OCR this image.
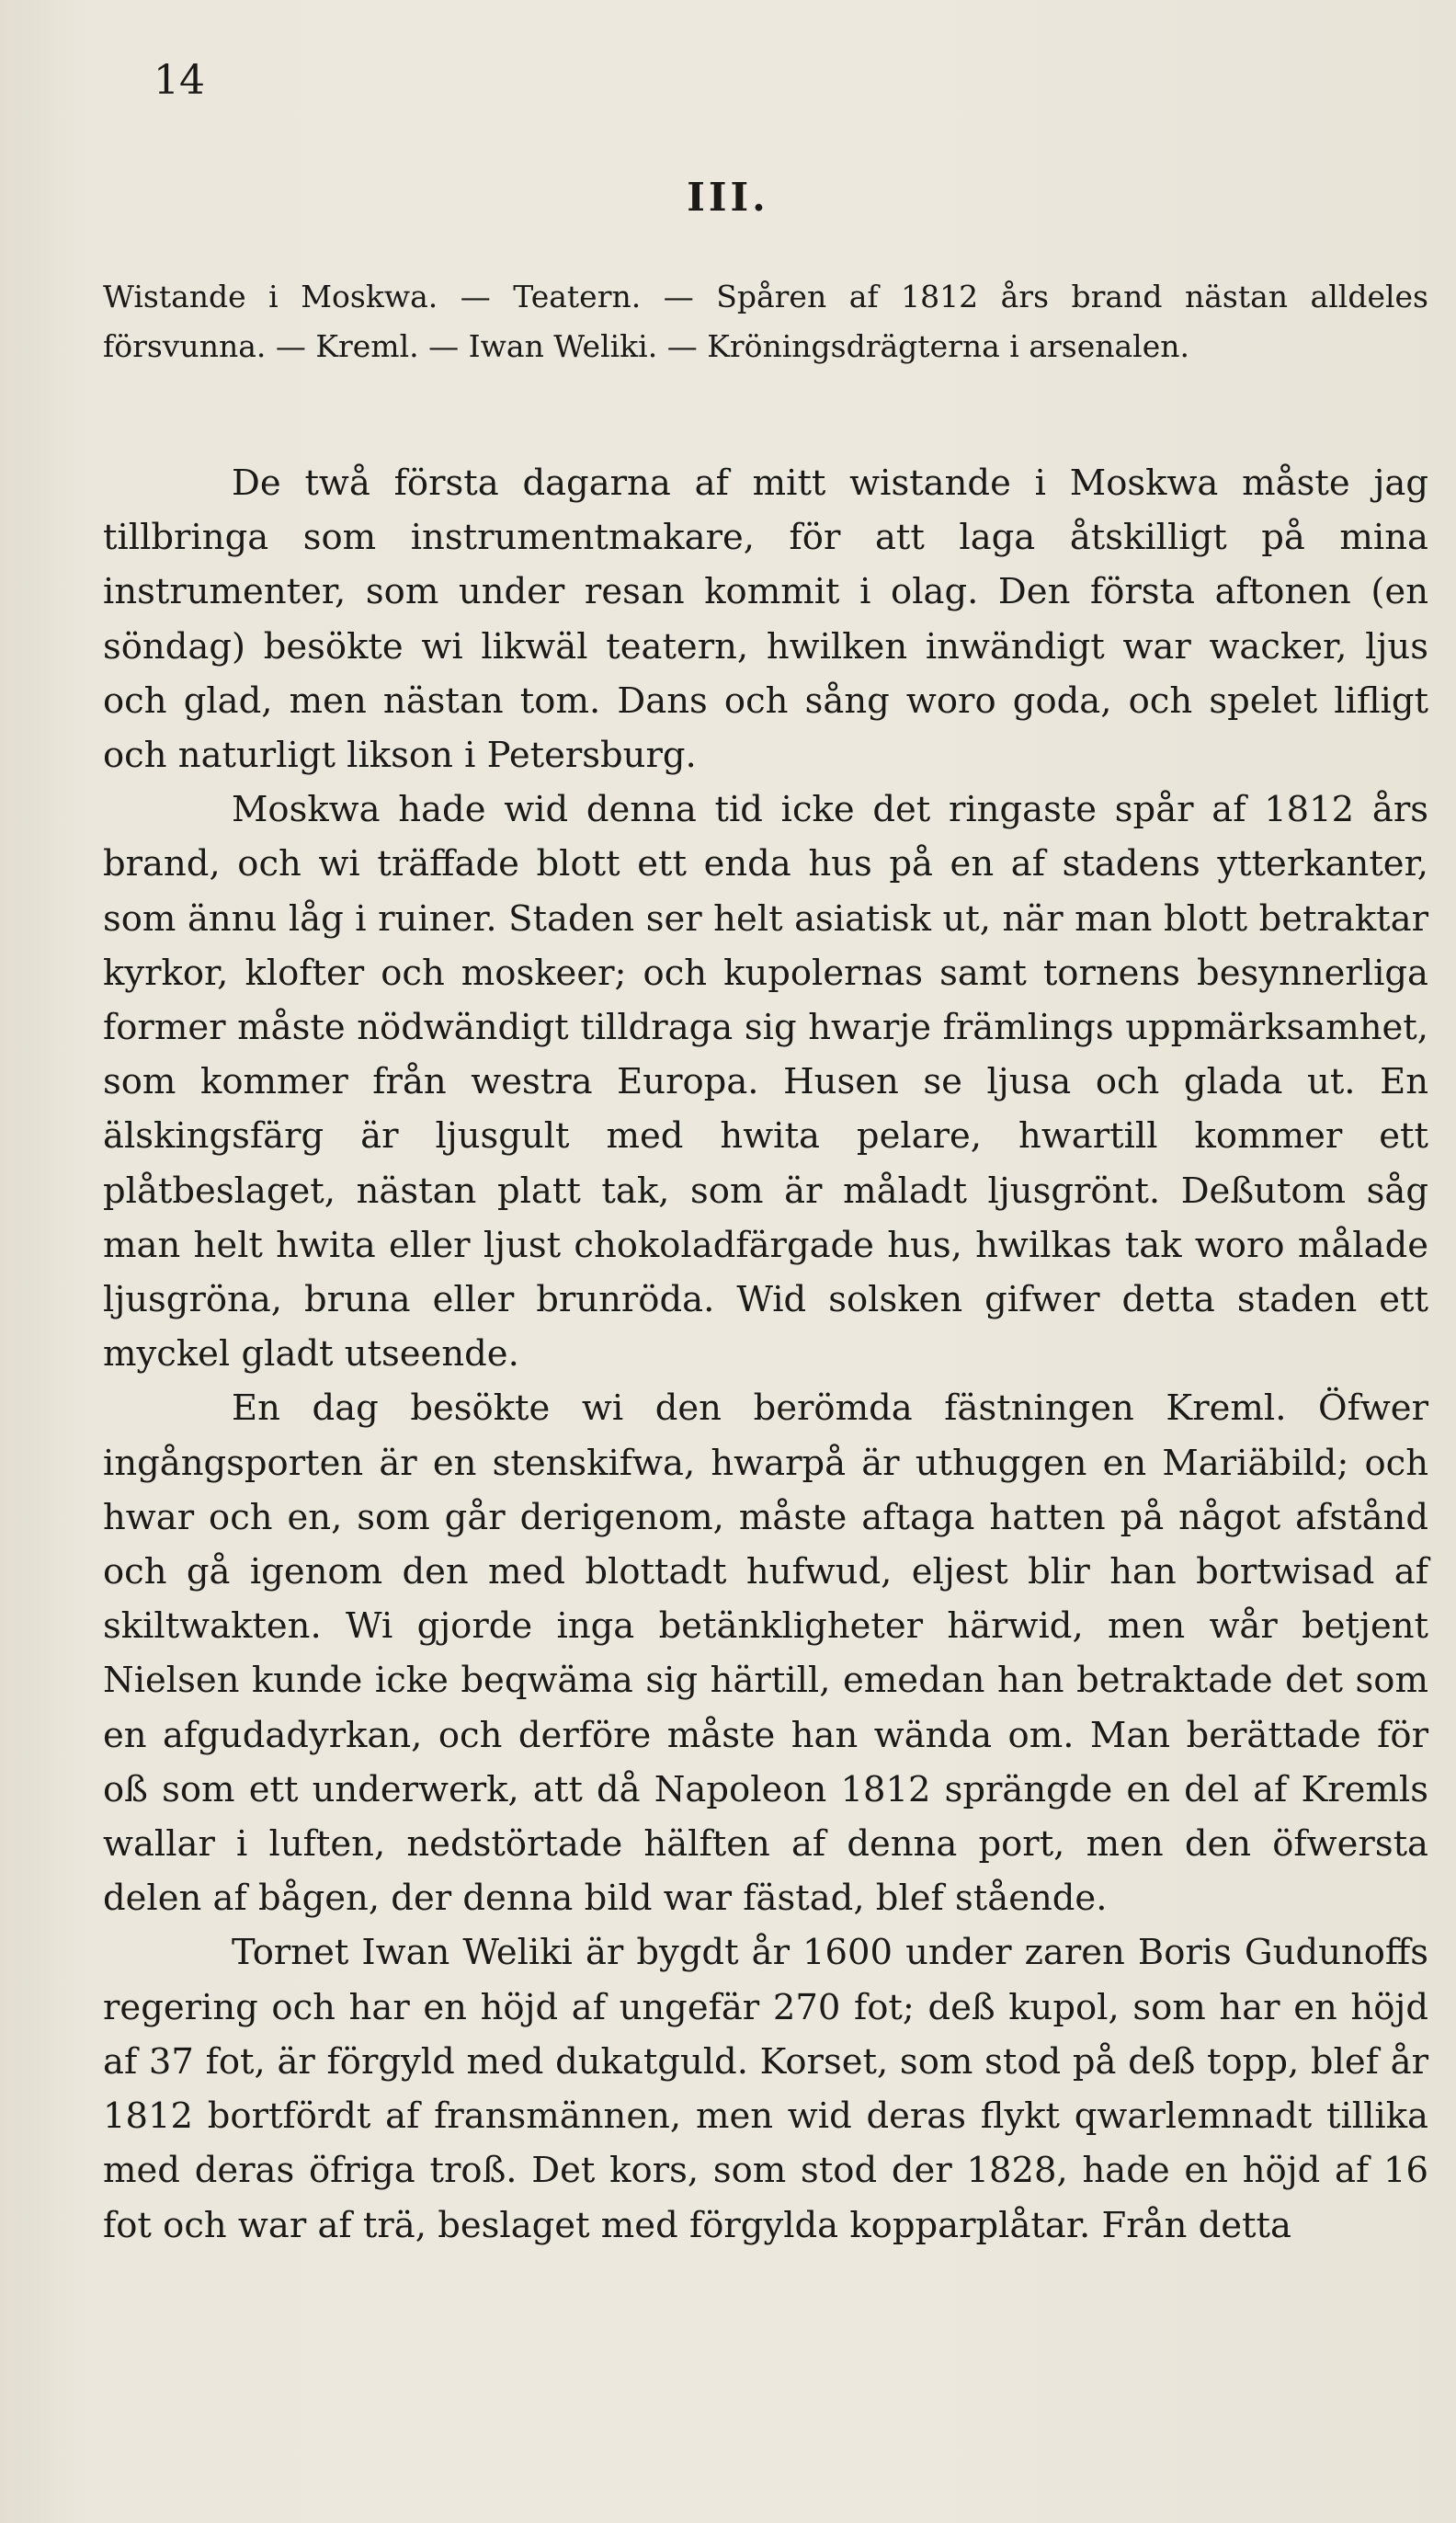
14
III.
Wistande i Moskwa. — Teatern. — Spåren af 1812 års brand nästan alldeles försvunna. — Kreml. — Iwan Weliki. — Kröningsdrägterna i arsenalen.

De twå första dagarna af mitt wistande i Moskwa måste jag tillbringa som instrumentmakare, för att laga åtskilligt på mina instrumenter, som under resan kommit i olag. Den första aftonen (en söndag) besökte wi likwäl teatern, hwilken inwändigt war wacker, ljus och glad, men nästan tom. Dans och sång woro goda, och spelet lifligt och naturligt likson i Petersburg.

Moskwa hade wid denna tid icke det ringaste spår af 1812 års brand, och wi träffade blott ett enda hus på en af stadens ytterkanter, som ännu låg i ruiner. Staden ser helt asiatisk ut, när man blott betraktar kyrkor, klofter och moskeer; och kupolernas samt tornens besynnerliga former måste nödwändigt tilldraga sig hwarje främlings uppmärksamhet, som kommer från westra Europa. Husen se ljusa och glada ut. En älskingsfärg är ljusgult med hwita pelare, hwartill kommer ett plåtbeslaget, nästan platt tak, som är måladt ljusgrönt. Deßutom såg man helt hwita eller ljust chokoladfärgade hus, hwilkas tak woro målade ljusgröna, bruna eller brunröda. Wid solsken gifwer detta staden ett myckel gladt utseende.

En dag besökte wi den berömda fästningen Kreml. Öfwer ingångsporten är en stenskifwa, hwarpå är uthuggen en Mariäbild; och hwar och en, som går derigenom, måste aftaga hatten på något afstånd och gå igenom den med blottadt hufwud, eljest blir han bortwisad af skiltwakten. Wi gjorde inga betänkligheter härwid, men wår betjent Nielsen kunde icke beqwäma sig härtill, emedan han betraktade det som en afgudadyrkan, och derföre måste han wända om. Man berättade för oß som ett underwerk, att då Napoleon 1812 sprängde en del af Kremls wallar i luften, nedstörtade hälften af denna port, men den öfwersta delen af bågen, der denna bild war fästad, blef stående.

Tornet Iwan Weliki är bygdt år 1600 under zaren Boris Gudunoffs regering och har en höjd af ungefär 270 fot; deß kupol, som har en höjd af 37 fot, är förgyld med dukatguld. Korset, som stod på deß topp, blef år 1812 bortfördt af fransmännen, men wid deras flykt qwarlemnadt tillika med deras öfriga troß. Det kors, som stod der 1828, hade en höjd af 16 fot och war af trä, beslaget med förgylda kopparplåtar. Från detta
